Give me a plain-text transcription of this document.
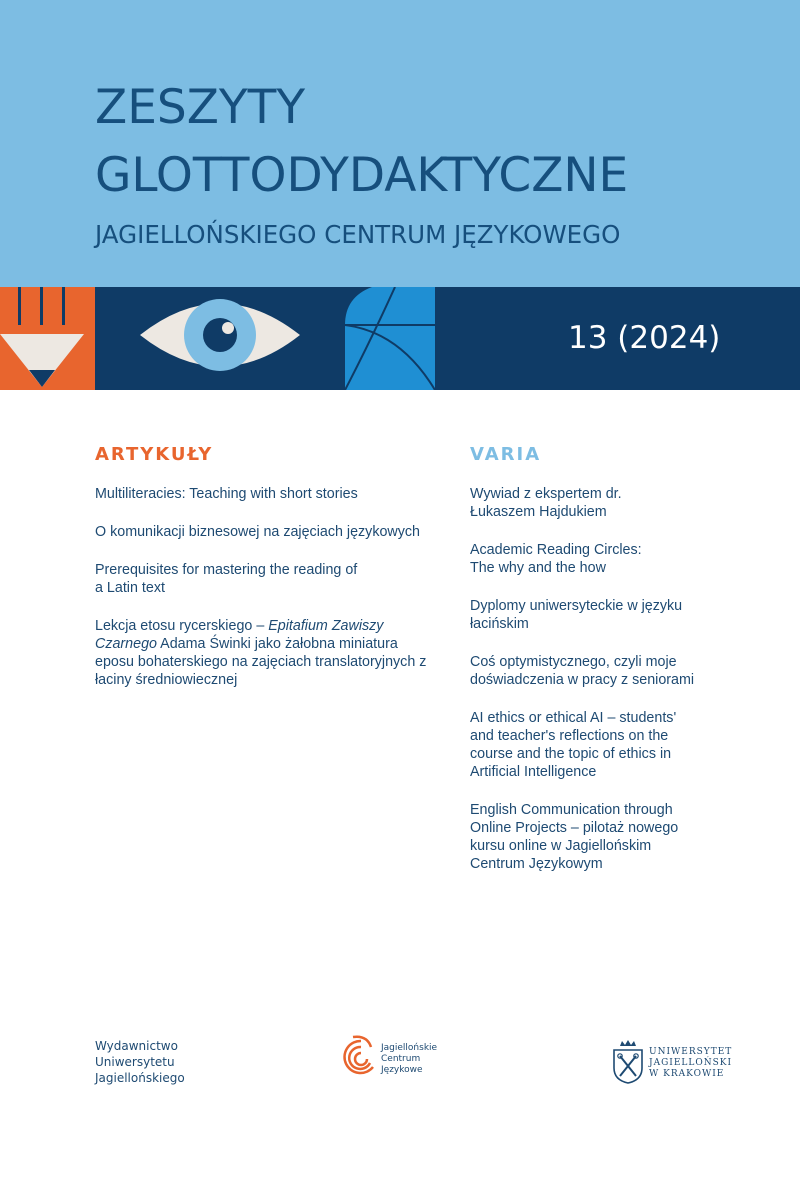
ZESZYTY
GLOTTODYDAKTYCZNE
JAGIELLOŃSKIEGO CENTRUM JĘZYKOWEGO
13 (2024)
ARTYKUŁY
Multiliteracies: Teaching with short stories
O komunikacji biznesowej na zajęciach językowych
Prerequisites for mastering the reading of a Latin text
Lekcja etosu rycerskiego – Epitafium Zawiszy Czarnego Adama Świnki jako żałobna miniatura eposu bohaterskiego na zajęciach translatoryjnych z łaciny średniowiecznej
VARIA
Wywiad z ekspertem dr. Łukaszem Hajdukiem
Academic Reading Circles: The why and the how
Dyplomy uniwersyteckie w języku łacińskim
Coś optymistycznego, czyli moje doświadczenia w pracy z seniorami
AI ethics or ethical AI – students' and teacher's reflections on the course and the topic of ethics in Artificial Intelligence
English Communication through Online Projects – pilotaż nowego kursu online w Jagiellońskim Centrum Językowym
Wydawnictwo
Uniwersytetu
Jagiellońskiego
Jagiellońskie
Centrum
Językowe
UNIWERSYTET
JAGIELLOŃSKI
W KRAKOWIE
